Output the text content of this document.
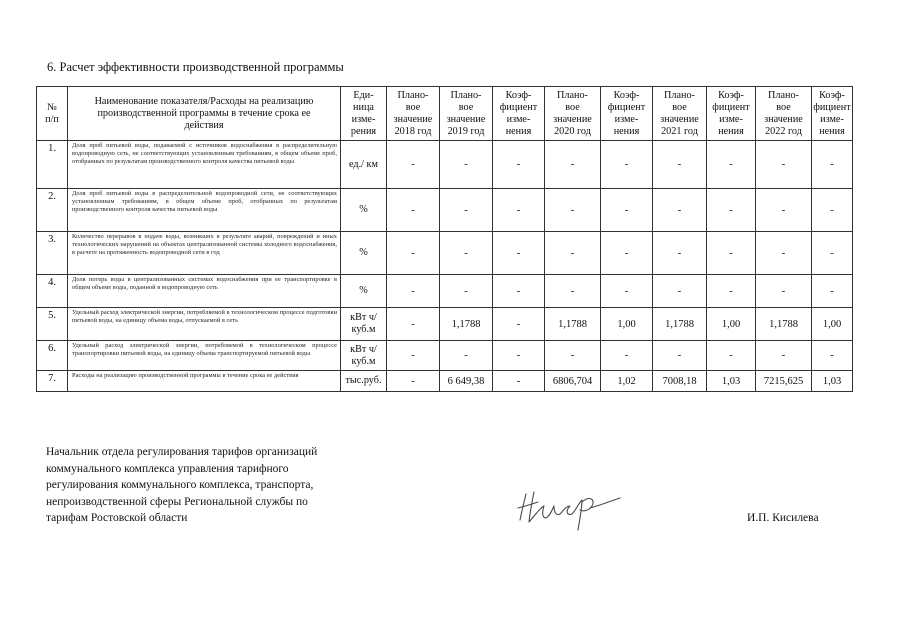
6. Расчет эффективности производственной программы
№
п/п	Наименование показателя/Расходы на реализацию
производственной программы в течение срока ее
действия	Еди-
ница
изме-
рения	Плано-
вое
значение
2018 год	Плано-
вое
значение
2019 год	Коэф-
фициент
изме-
нения	Плано-
вое
значение
2020 год	Коэф-
фициент
изме-
нения	Плано-
вое
значение
2021 год	Коэф-
фициент
изме-
нения	Плано-
вое
значение
2022 год	Коэф-
фициент
изме-
нения

1.	Доля проб питьевой воды, подаваемой с источников водоснабжения в распределительную водопроводную сеть, не соответствующих установленным требованиям, в общем объеме проб, отобранных по результатам производственного контроля качества питьевой воды	ед./ км	-	-	-	-	-	-	-	-	-
2.	Доля проб питьевой воды в распределительной водопроводной сети, не соответствующих установленным требованиям, в общем объеме проб, отобранных по результатам производственного контроля качества питьевой воды	%	-	-	-	-	-	-	-	-	-
3.	Количество перерывов в подаче воды, возникших в результате аварий, повреждений и иных технологических нарушений на объектах централизованной системы холодного водоснабжения, в расчете на протяженность водопроводной сети в год	%	-	-	-	-	-	-	-	-	-
4.	Доля потерь воды в централизованных системах водоснабжения при ее транспортировке в общем объеме воды, поданной в водопроводную сеть	%	-	-	-	-	-	-	-	-	-
5.	Удельный расход электрической энергии, потребляемой в технологическом процессе подготовки питьевой воды, на единицу объема воды, отпускаемой в сеть	кВт ч/куб.м	-	1,1788	-	1,1788	1,00	1,1788	1,00	1,1788	1,00
6.	Удельный расход электрической энергии, потребляемой в технологическом процессе транспортировки питьевой воды, на единицу объема транспортируемой питьевой воды	кВт ч/куб.м	-	-	-	-	-	-	-	-	-
7.	Расходы на реализацию производственной программы в течение срока ее действия	тыс.руб.	-	6 649,38	-	6806,704	1,02	7008,18	1,03	7215,625	1,03
Начальник отдела регулирования тарифов организаций
коммунального комплекса управления тарифного
регулирования коммунального комплекса, транспорта,
непроизводственной сферы Региональной службы по
тарифам Ростовской области	И.П. Кисилева
